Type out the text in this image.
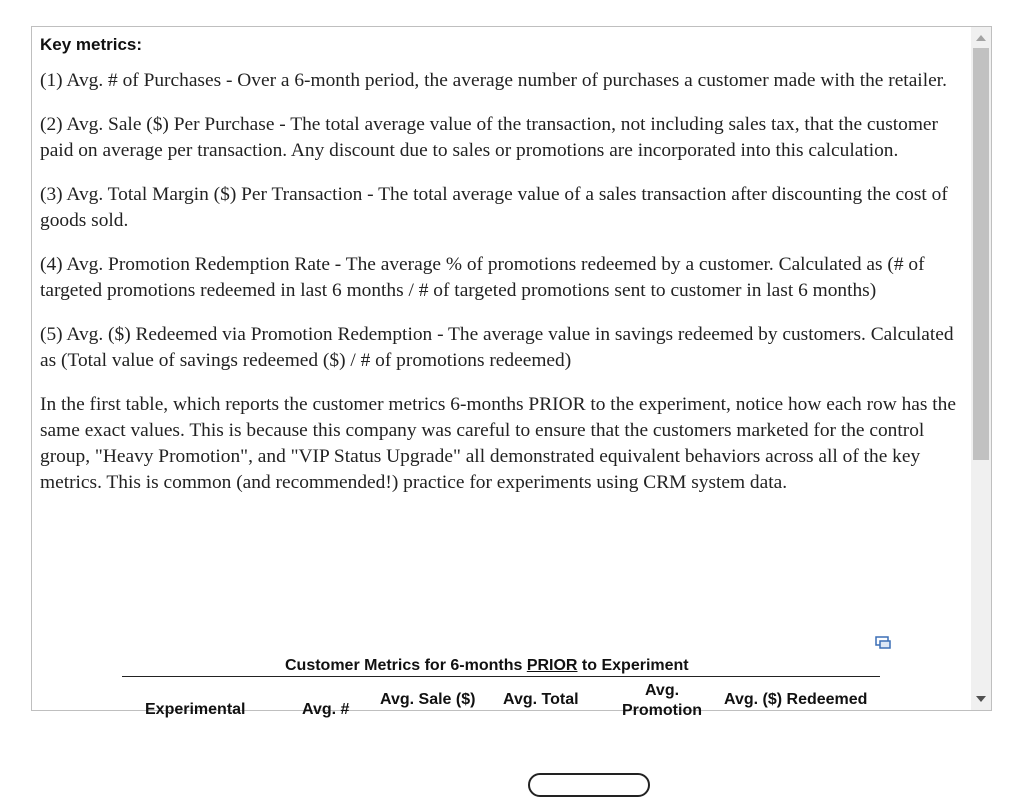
Key metrics:

(1) Avg. # of Purchases - Over a 6-month period, the average number of purchases a customer made with the retailer.

(2) Avg. Sale ($) Per Purchase - The total average value of the transaction, not including sales tax, that the customer paid on average per transaction. Any discount due to sales or promotions are incorporated into this calculation.

(3) Avg. Total Margin ($) Per Transaction - The total average value of a sales transaction after discounting the cost of goods sold.

(4) Avg. Promotion Redemption Rate - The average % of promotions redeemed by a customer. Calculated as (# of targeted promotions redeemed in last 6 months / # of targeted promotions sent to customer in last 6 months)

(5) Avg. ($) Redeemed via Promotion Redemption - The average value in savings redeemed by customers. Calculated as (Total value of savings redeemed ($) / # of promotions redeemed)

In the first table, which reports the customer metrics 6-months PRIOR to the experiment, notice how each row has the same exact values. This is because this company was careful to ensure that the customers marketed for the control group, "Heavy Promotion", and "VIP Status Upgrade" all demonstrated equivalent behaviors across all of the key metrics. This is common (and recommended!) practice for experiments using CRM system data.

Customer Metrics for 6-months PRIOR to Experiment
Experimental	Avg. #
Avg. Sale ($) Avg. Total
Avg. Promotion
Avg. ($) Redeemed
